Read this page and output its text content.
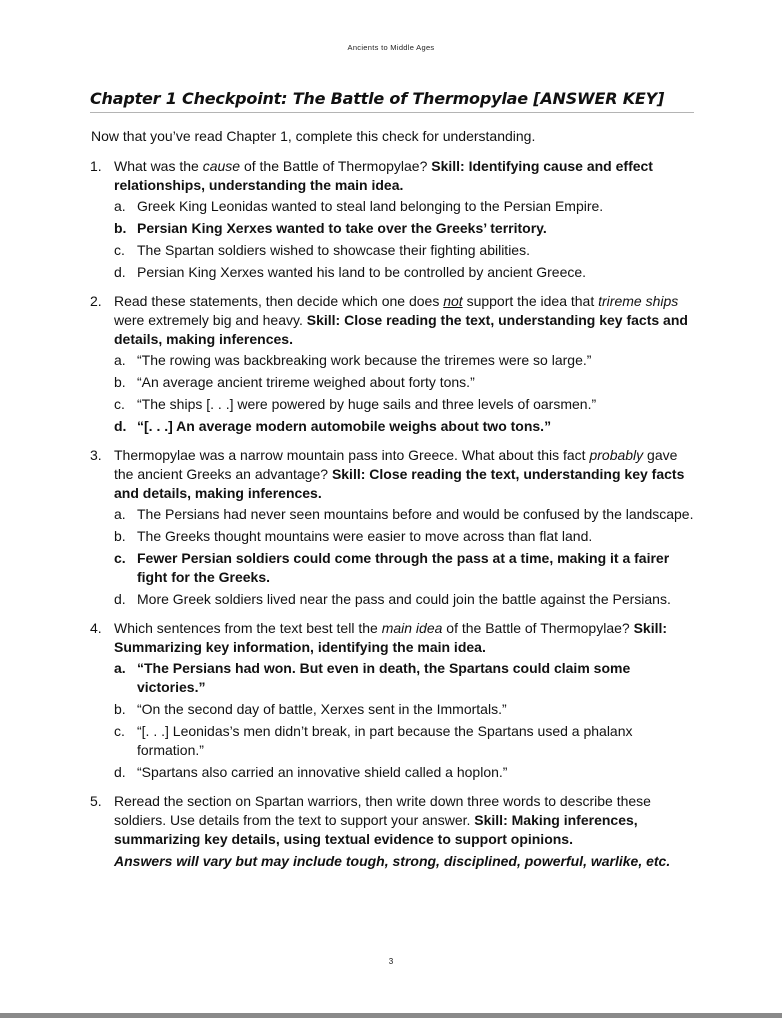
Ancients to Middle Ages
Chapter 1 Checkpoint: The Battle of Thermopylae [ANSWER KEY]
Now that you’ve read Chapter 1, complete this check for understanding.
1. What was the cause of the Battle of Thermopylae? Skill: Identifying cause and effect relationships, understanding the main idea.
a. Greek King Leonidas wanted to steal land belonging to the Persian Empire.
b. Persian King Xerxes wanted to take over the Greeks’ territory.
c. The Spartan soldiers wished to showcase their fighting abilities.
d. Persian King Xerxes wanted his land to be controlled by ancient Greece.
2. Read these statements, then decide which one does not support the idea that trireme ships were extremely big and heavy. Skill: Close reading the text, understanding key facts and details, making inferences.
a. “The rowing was backbreaking work because the triremes were so large.”
b. “An average ancient trireme weighed about forty tons.”
c. “The ships [. . .] were powered by huge sails and three levels of oarsmen.”
d. “[. . .] An average modern automobile weighs about two tons.”
3. Thermopylae was a narrow mountain pass into Greece. What about this fact probably gave the ancient Greeks an advantage? Skill: Close reading the text, understanding key facts and details, making inferences.
a. The Persians had never seen mountains before and would be confused by the landscape.
b. The Greeks thought mountains were easier to move across than flat land.
c. Fewer Persian soldiers could come through the pass at a time, making it a fairer fight for the Greeks.
d. More Greek soldiers lived near the pass and could join the battle against the Persians.
4. Which sentences from the text best tell the main idea of the Battle of Thermopylae? Skill: Summarizing key information, identifying the main idea.
a. “The Persians had won. But even in death, the Spartans could claim some victories.”
b. “On the second day of battle, Xerxes sent in the Immortals.”
c. “[. . .] Leonidas’s men didn’t break, in part because the Spartans used a phalanx formation.”
d. “Spartans also carried an innovative shield called a hoplon.”
5. Reread the section on Spartan warriors, then write down three words to describe these soldiers. Use details from the text to support your answer. Skill: Making inferences, summarizing key details, using textual evidence to support opinions.
Answers will vary but may include tough, strong, disciplined, powerful, warlike, etc.
3
